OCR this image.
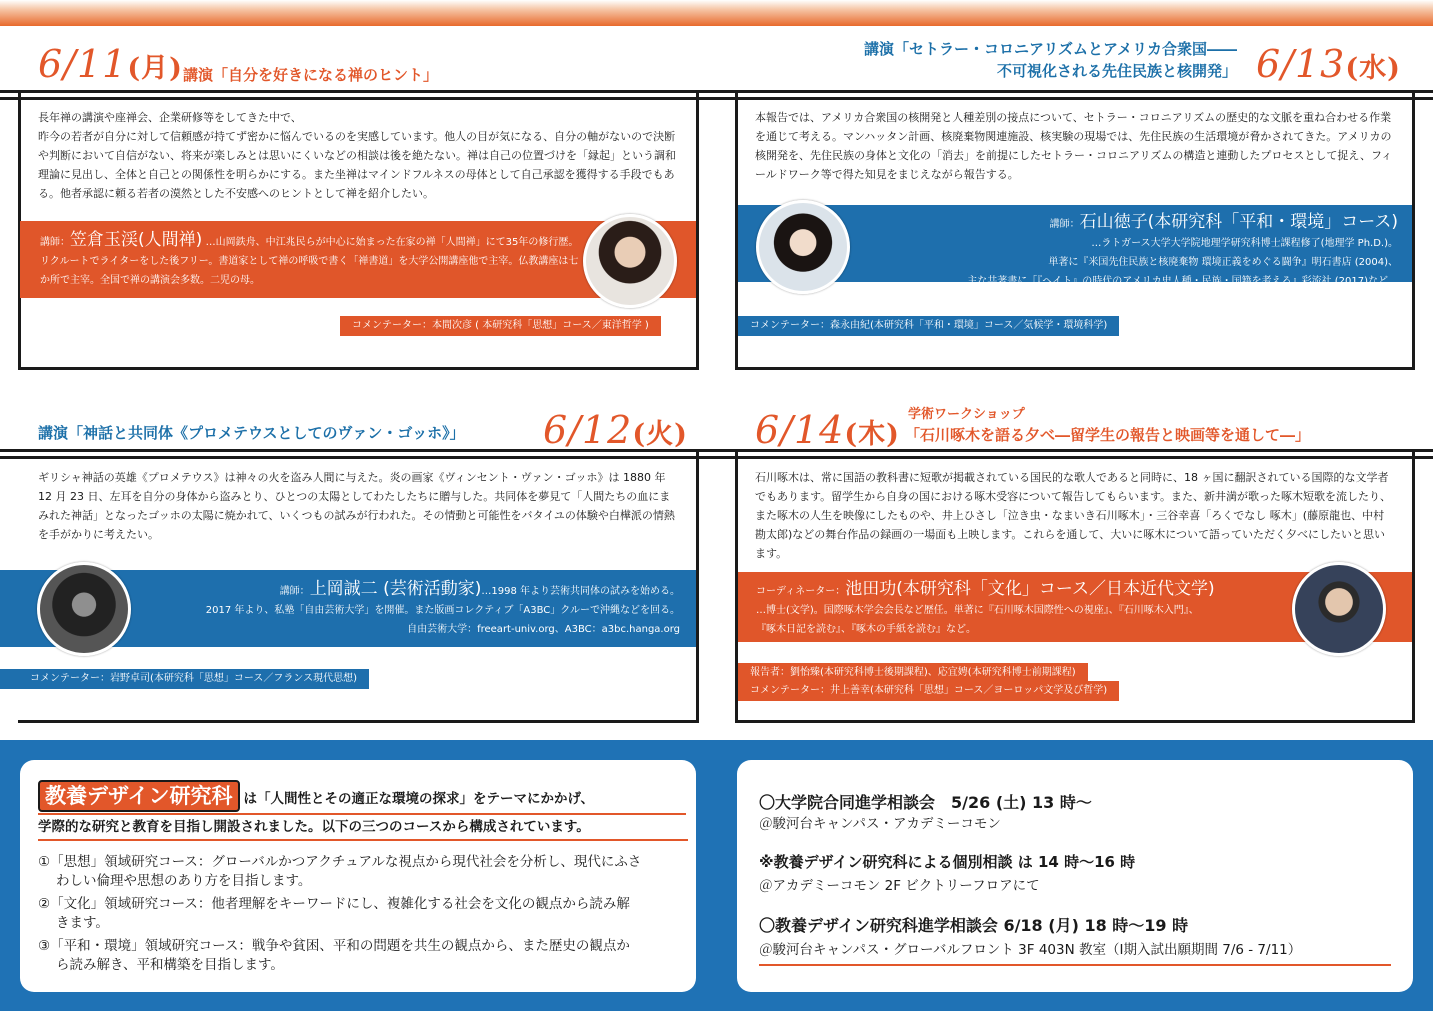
6/11(月) 講演「自分を好きになる禅のヒント」
長年禅の講演や座禅会、企業研修等をしてきた中で、
昨今の若者が自分に対して信頼感が持てず密かに悩んでいるのを実感しています。他人の目が気になる、自分の軸がないので決断や判断において自信がない、将来が楽しみとは思いにくいなどの相談は後を絶たない。禅は自己の位置づけを「縁起」という調和理論に見出し、全体と自己との関係性を明らかにする。また坐禅はマインドフルネスの母体として自己承認を獲得する手段でもある。他者承認に頼る若者の漠然とした不安感へのヒントとして禅を紹介したい。
講師：笠倉玉渓(人間禅) …山岡鉄舟、中江兆民らが中心に始まった在家の禅「人間禅」にて35年の修行歴。リクルートでライターをした後フリー。書道家として禅の呼吸で書く「禅書道」を大学公開講座他で主宰。仏教講座は七か所で主宰。全国で禅の講演会多数。二児の母。
コメンテーター：本間次彦 ( 本研究科「思想」コース／東洋哲学 )
講演「セトラー・コロニアリズムとアメリカ合衆国――
不可視化される先住民族と核開発」 6/13(水)
本報告では、アメリカ合衆国の核開発と人種差別の接点について、セトラー・コロニアリズムの歴史的な文脈を重ね合わせる作業を通じて考える。マンハッタン計画、核廃棄物関連施設、核実験の現場では、先住民族の生活環境が脅かされてきた。アメリカの核開発を、先住民族の身体と文化の「消去」を前提にしたセトラー・コロニアリズムの構造と連動したプロセスとして捉え、フィールドワーク等で得た知見をまじえながら報告する。
講師：石山徳子(本研究科「平和・環境」コース)
…ラトガース大学大学院地理学研究科博士課程修了(地理学 Ph.D.)。
単著に『米国先住民族と核廃棄物 環境正義をめぐる闘争』明石書店 (2004)、
主な共著書に「『ヘイト』の時代のアメリカ史人種・民族・国籍を考える』彩流社 (2017)など。
コメンテーター：森永由紀(本研究科「平和・環境」コース／気候学・環境科学)
講演「神話と共同体《プロメテウスとしてのヴァン・ゴッホ》」 6/12(火)
ギリシャ神話の英雄《プロメテウス》は神々の火を盗み人間に与えた。炎の画家《ヴィンセント・ヴァン・ゴッホ》は 1880 年 12 月 23 日、左耳を自分の身体から盗みとり、ひとつの太陽としてわたしたちに贈与した。共同体を夢見て「人間たちの血にまみれた神話」となったゴッホの太陽に焼かれて、いくつもの試みが行われた。その情動と可能性をバタイユの体験や白樺派の情熱を手がかりに考えたい。
講師：上岡誠二 (芸術活動家)…1998 年より芸術共同体の試みを始める。
2017 年より、私塾「自由芸術大学」を開催。また版画コレクティブ「A3BC」クルーで沖縄などを回る。
自由芸術大学：freeart-univ.org、A3BC：a3bc.hanga.org
コメンテーター：岩野卓司(本研究科「思想」コース／フランス現代思想)
6/14(木)
学術ワークショップ
「石川啄木を語る夕べ―留学生の報告と映画等を通して―」
石川啄木は、常に国語の教科書に短歌が掲載されている国民的な歌人であると同時に、18 ヶ国に翻訳されている国際的な文学者でもあります。留学生から自身の国における啄木受容について報告してもらいます。また、新井満が歌った啄木短歌を流したり、また啄木の人生を映像にしたものや、井上ひさし「泣き虫・なまいき石川啄木」・三谷幸喜「ろくでなし 啄木」(藤原龍也、中村勘太郎)などの舞台作品の録画の一場面も上映します。これらを通して、大いに啄木について語っていただく夕べにしたいと思います。
コーディネーター：池田功(本研究科「文化」コース／日本近代文学)
…博士(文学)。国際啄木学会会長など歴任。単著に『石川啄木国際性への視座』、『石川啄木入門』、
『啄木日記を読む』、『啄木の手紙を読む』など。
報告者：劉怡臻(本研究科博士後期課程)、応宜娉(本研究科博士前期課程)
コメンテーター：井上善幸(本研究科「思想」コース／ヨーロッパ文学及び哲学)
教養デザイン研究科 は「人間性とその適正な環境の探求」をテーマにかかげ、
学際的な研究と教育を目指し開設されました。以下の三つのコースから構成されています。
①「思想」領域研究コース：グローバルかつアクチュアルな視点から現代社会を分析し、現代にふさ
わしい倫理や思想のあり方を目指します。
②「文化」領域研究コース：他者理解をキーワードにし、複雑化する社会を文化の観点から読み解
きます。
③「平和・環境」領域研究コース：戦争や貧困、平和の問題を共生の観点から、また歴史の観点か
ら読み解き、平和構築を目指します。
〇大学院合同進学相談会　5/26 (土) 13 時～
＠駿河台キャンパス・アカデミーコモン
※教養デザイン研究科による個別相談 は 14 時～16 時
＠アカデミーコモン 2F ビクトリーフロアにて
〇教養デザイン研究科進学相談会 6/18 (月) 18 時～19 時
＠駿河台キャンパス・グローバルフロント 3F 403N 教室（Ⅰ期入試出願期間 7/6 - 7/11）
